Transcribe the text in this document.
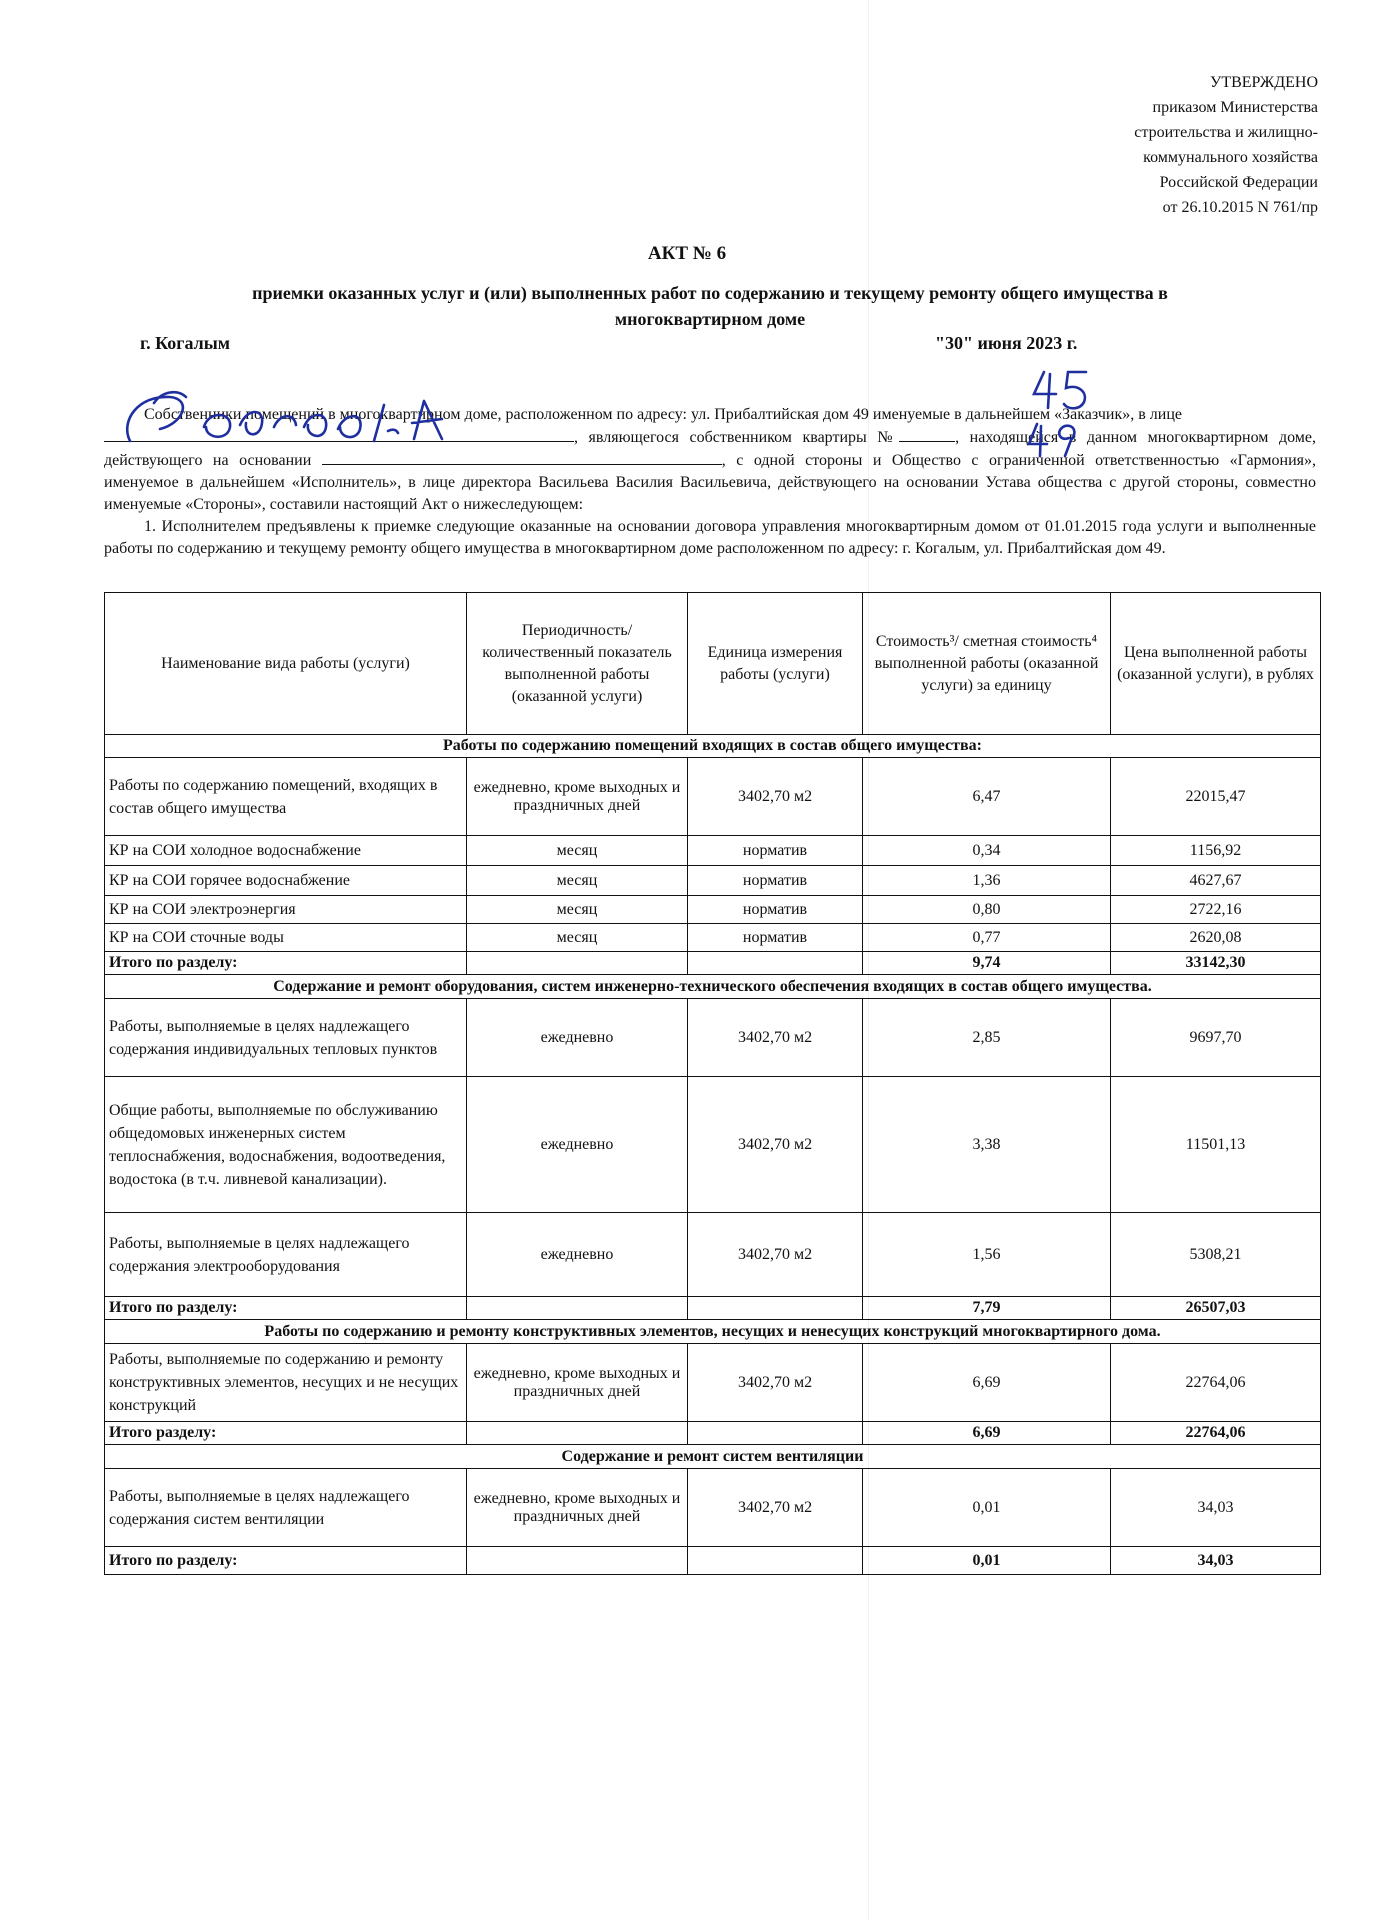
УТВЕРЖДЕНО
приказом Министерства
строительства и жилищно-
коммунального хозяйства
Российской Федерации
от 26.10.2015 N 761/пр
АКТ № 6
приемки оказанных услуг и (или) выполненных работ по содержанию и текущему ремонту общего имущества в
многоквартирном доме
г. Когалым	"30" июня 2023 г.

Собственники помещений в многоквартирном доме, расположенном по адресу: ул. Прибалтийская дом 49 именуемые в дальнейшем «Заказчик», в лице
, являющегося собственником квартиры №	, находящейся в данном многоквартирном доме, действующего на основании	, с одной стороны и Общество с ограниченной ответственностью «Гармония», именуемое в дальнейшем «Исполнитель», в лице директора Васильева Василия Васильевича, действующего на основании Устава общества с другой стороны, совместно именуемые «Стороны», составили настоящий Акт о нижеследующем:

1. Исполнителем предъявлены к приемке следующие оказанные на основании договора управления многоквартирным домом от 01.01.2015 года услуги и выполненные работы по содержанию и текущему ремонту общего имущества в многоквартирном доме расположенном по адресу: г. Когалым, ул. Прибалтийская дом 49.

Наименование вида работы (услуги)	Периодичность/ количественный показатель выполненной работы (оказанной услуги)	Единица измерения работы (услуги)	Стоимость³/ сметная стоимость⁴ выполненной работы (оказанной услуги) за единицу	Цена выполненной работы (оказанной услуги), в рублях
Работы по содержанию помещений входящих в состав общего имущества:				
Работы по содержанию помещений, входящих в состав общего имущества	ежедневно, кроме выходных и праздничных дней	3402,70 м2	6,47	22015,47
КР на СОИ холодное водоснабжение	месяц	норматив	0,34	1156,92
КР на СОИ горячее водоснабжение	месяц	норматив	1,36	4627,67
КР на СОИ электроэнергия	месяц	норматив	0,80	2722,16
КР на СОИ сточные воды	месяц	норматив	0,77	2620,08
Итого по разделу:			9,74	33142,30
Содержание и ремонт оборудования, систем инженерно-технического обеспечения входящих в состав общего имущества.				
Работы, выполняемые в целях надлежащего содержания индивидуальных тепловых пунктов	ежедневно	3402,70 м2	2,85	9697,70
Общие работы, выполняемые по обслуживанию общедомовых инженерных систем теплоснабжения, водоснабжения, водоотведения, водостока (в т.ч. ливневой канализации).	ежедневно	3402,70 м2	3,38	11501,13
Работы, выполняемые в целях надлежащего содержания электрооборудования	ежедневно	3402,70 м2	1,56	5308,21
Итого по разделу:			7,79	26507,03
Работы по содержанию и ремонту конструктивных элементов, несущих и ненесущих конструкций многоквартирного дома.				
Работы, выполняемые по содержанию и ремонту конструктивных элементов, несущих и не несущих конструкций	ежедневно, кроме выходных и праздничных дней	3402,70 м2	6,69	22764,06
Итого разделу:			6,69	22764,06
Содержание и ремонт систем вентиляции				
Работы, выполняемые в целях надлежащего содержания систем вентиляции	ежедневно, кроме выходных и праздничных дней	3402,70 м2	0,01	34,03
Итого по разделу:			0,01	34,03
